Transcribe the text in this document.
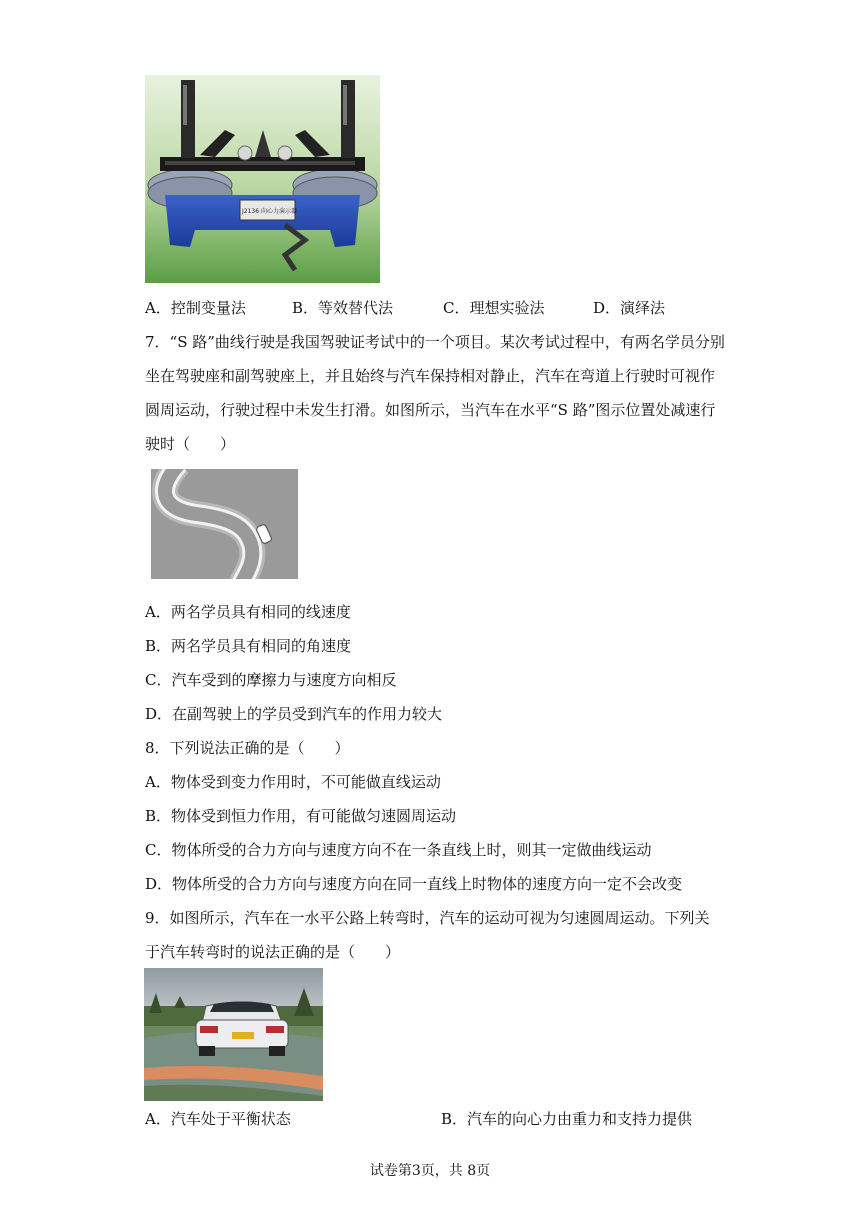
J2136 向心力演示器
A．控制变量法	B．等效替代法	C．理想实验法	D．演绎法
7．“S 路”曲线行驶是我国驾驶证考试中的一个项目。某次考试过程中，有两名学员分别
坐在驾驶座和副驾驶座上，并且始终与汽车保持相对静止，汽车在弯道上行驶时可视作
圆周运动，行驶过程中未发生打滑。如图所示，当汽车在水平“S 路”图示位置处减速行
驶时（　　）
A．两名学员具有相同的线速度
B．两名学员具有相同的角速度
C．汽车受到的摩擦力与速度方向相反
D．在副驾驶上的学员受到汽车的作用力较大
8．下列说法正确的是（　　）
A．物体受到变力作用时，不可能做直线运动
B．物体受到恒力作用，有可能做匀速圆周运动
C．物体所受的合力方向与速度方向不在一条直线上时，则其一定做曲线运动
D．物体所受的合力方向与速度方向在同一直线上时物体的速度方向一定不会改变
9．如图所示，汽车在一水平公路上转弯时，汽车的运动可视为匀速圆周运动。下列关
于汽车转弯时的说法正确的是（　　）
A．汽车处于平衡状态	B．汽车的向心力由重力和支持力提供
试卷第3页，共 8页
